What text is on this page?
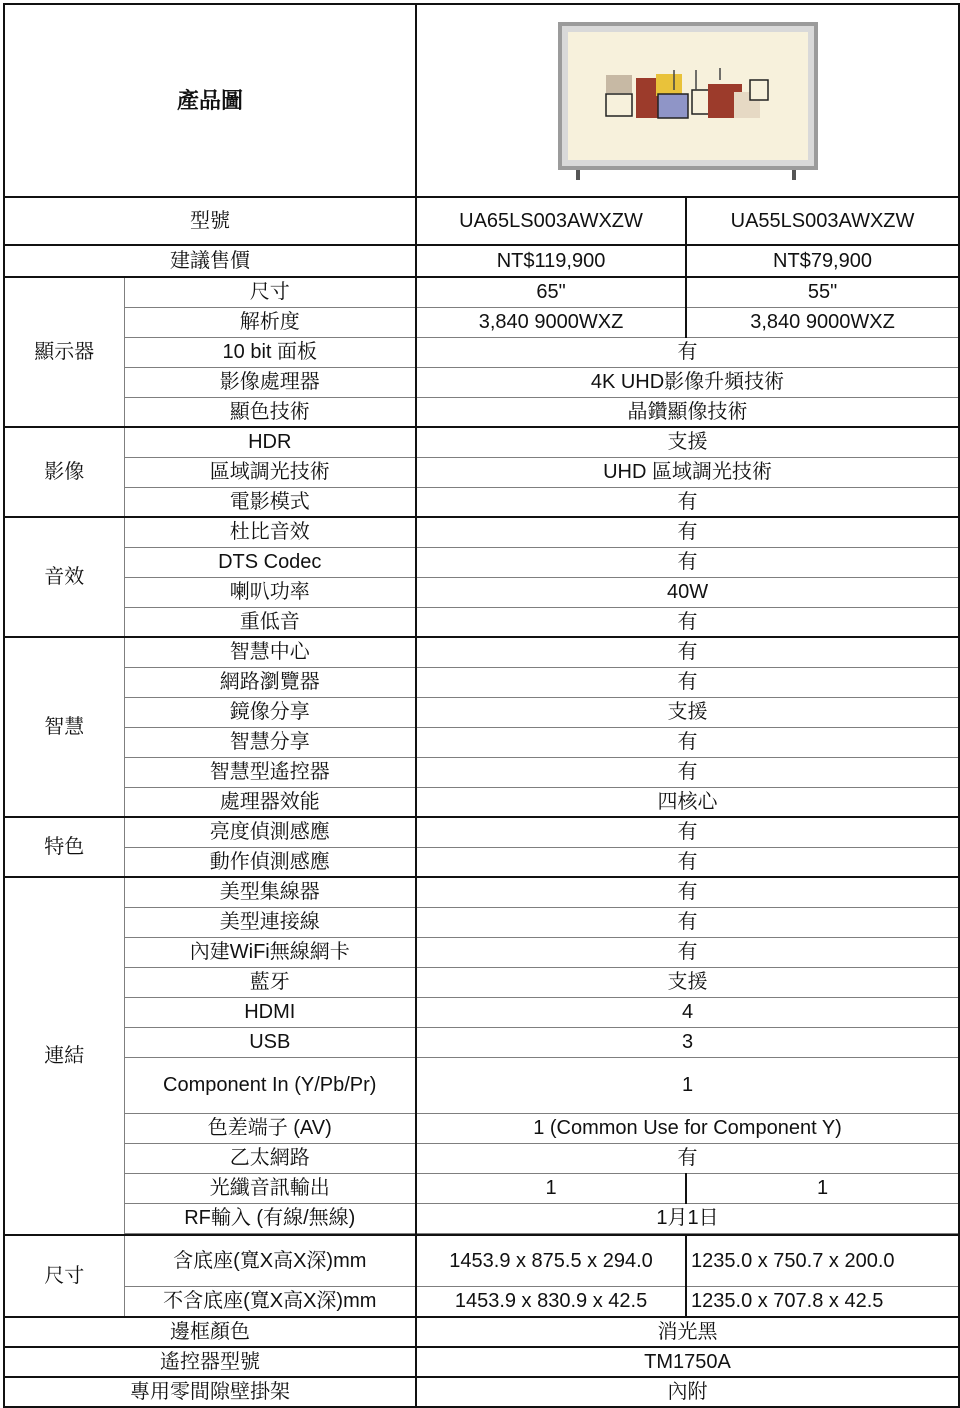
產品圖	

型號		UA65LS003AWXZW	UA55LS003AWXZW
建議售價		NT$119,900	NT$79,900
顯示器	尺寸	65"	55"
	解析度	3,840 9000WXZ	3,840 9000WXZ
	10 bit 面板	有	
	影像處理器	4K UHD影像升頻技術	
	顯色技術	晶鑽顯像技術	
影像	HDR	支援	
	區域調光技術	UHD 區域調光技術	
	電影模式	有	
音效	杜比音效	有	
	DTS Codec	有	
	喇叭功率	40W	
	重低音	有	
智慧	智慧中心	有	
	網路瀏覽器	有	
	鏡像分享	支援	
	智慧分享	有	
	智慧型遙控器	有	
	處理器效能	四核心	
特色	亮度偵測感應	有	
	動作偵測感應	有	
連結	美型集線器	有	
	美型連接線	有	
	內建WiFi無線網卡	有	
	藍牙	支援	
	HDMI	4	
	USB	3	
	Component In (Y/Pb/Pr)	1	
	色差端子 (AV)	1 (Common Use for Component Y)	
	乙太網路	有	
	光纖音訊輸出	1	1
	RF輸入 (有線/無線)	1月1日	

尺寸	含底座(寬X高X深)mm	1453.9 x 875.5 x 294.0	1235.0 x 750.7 x 200.0
	不含底座(寬X高X深)mm	1453.9 x 830.9 x 42.5	1235.0 x 707.8 x 42.5
邊框顏色		消光黑	
遙控器型號		TM1750A	
專用零間隙壁掛架		內附	
